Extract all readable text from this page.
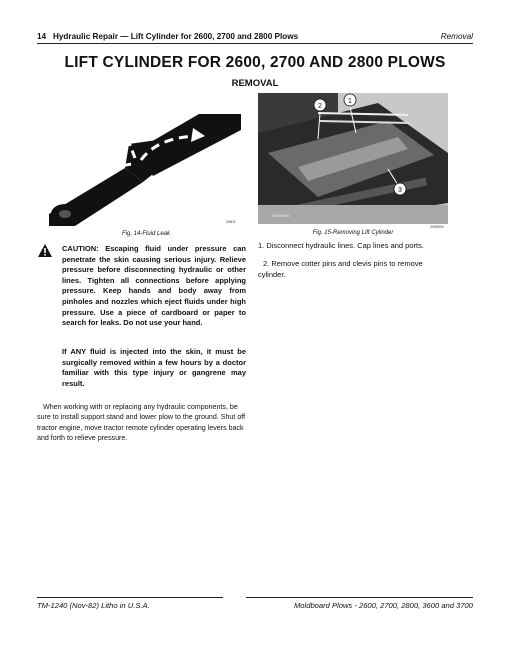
14 Hydraulic Repair — Lift Cylinder for 2600, 2700 and 2800 Plows	Removal
LIFT CYLINDER FOR 2600, 2700 AND 2800 PLOWS
REMOVAL
X9811
Fig. 14-Fluid Leak
2
1
3
X9959NU
X9959IN
Fig. 15-Removing Lift Cylinder
CAUTION: Escaping fluid under pressure can penetrate the skin causing serious injury. Relieve pressure before disconnecting hydraulic or other lines. Tighten all connections before applying pressure. Keep hands and body away from pinholes and nozzles which eject fluids under high pressure. Use a piece of cardboard or paper to search for leaks. Do not use your hand.
If ANY fluid is injected into the skin, it must be surgically removed within a few hours by a doctor familiar with this type injury or gangrene may result.
When working with or replacing any hydraulic components, be sure to install support stand and lower plow to the ground. Shut off tractor engine, move tractor remote cylinder operating levers back and forth to relieve pressure.
1. Disconnect hydraulic lines. Cap lines and ports.
2. Remove cotter pins and clevis pins to remove cylinder.
TM-1240 (Nov-82) Litho in U.S.A.	Moldboard Plows - 2600, 2700, 2800, 3600 and 3700
